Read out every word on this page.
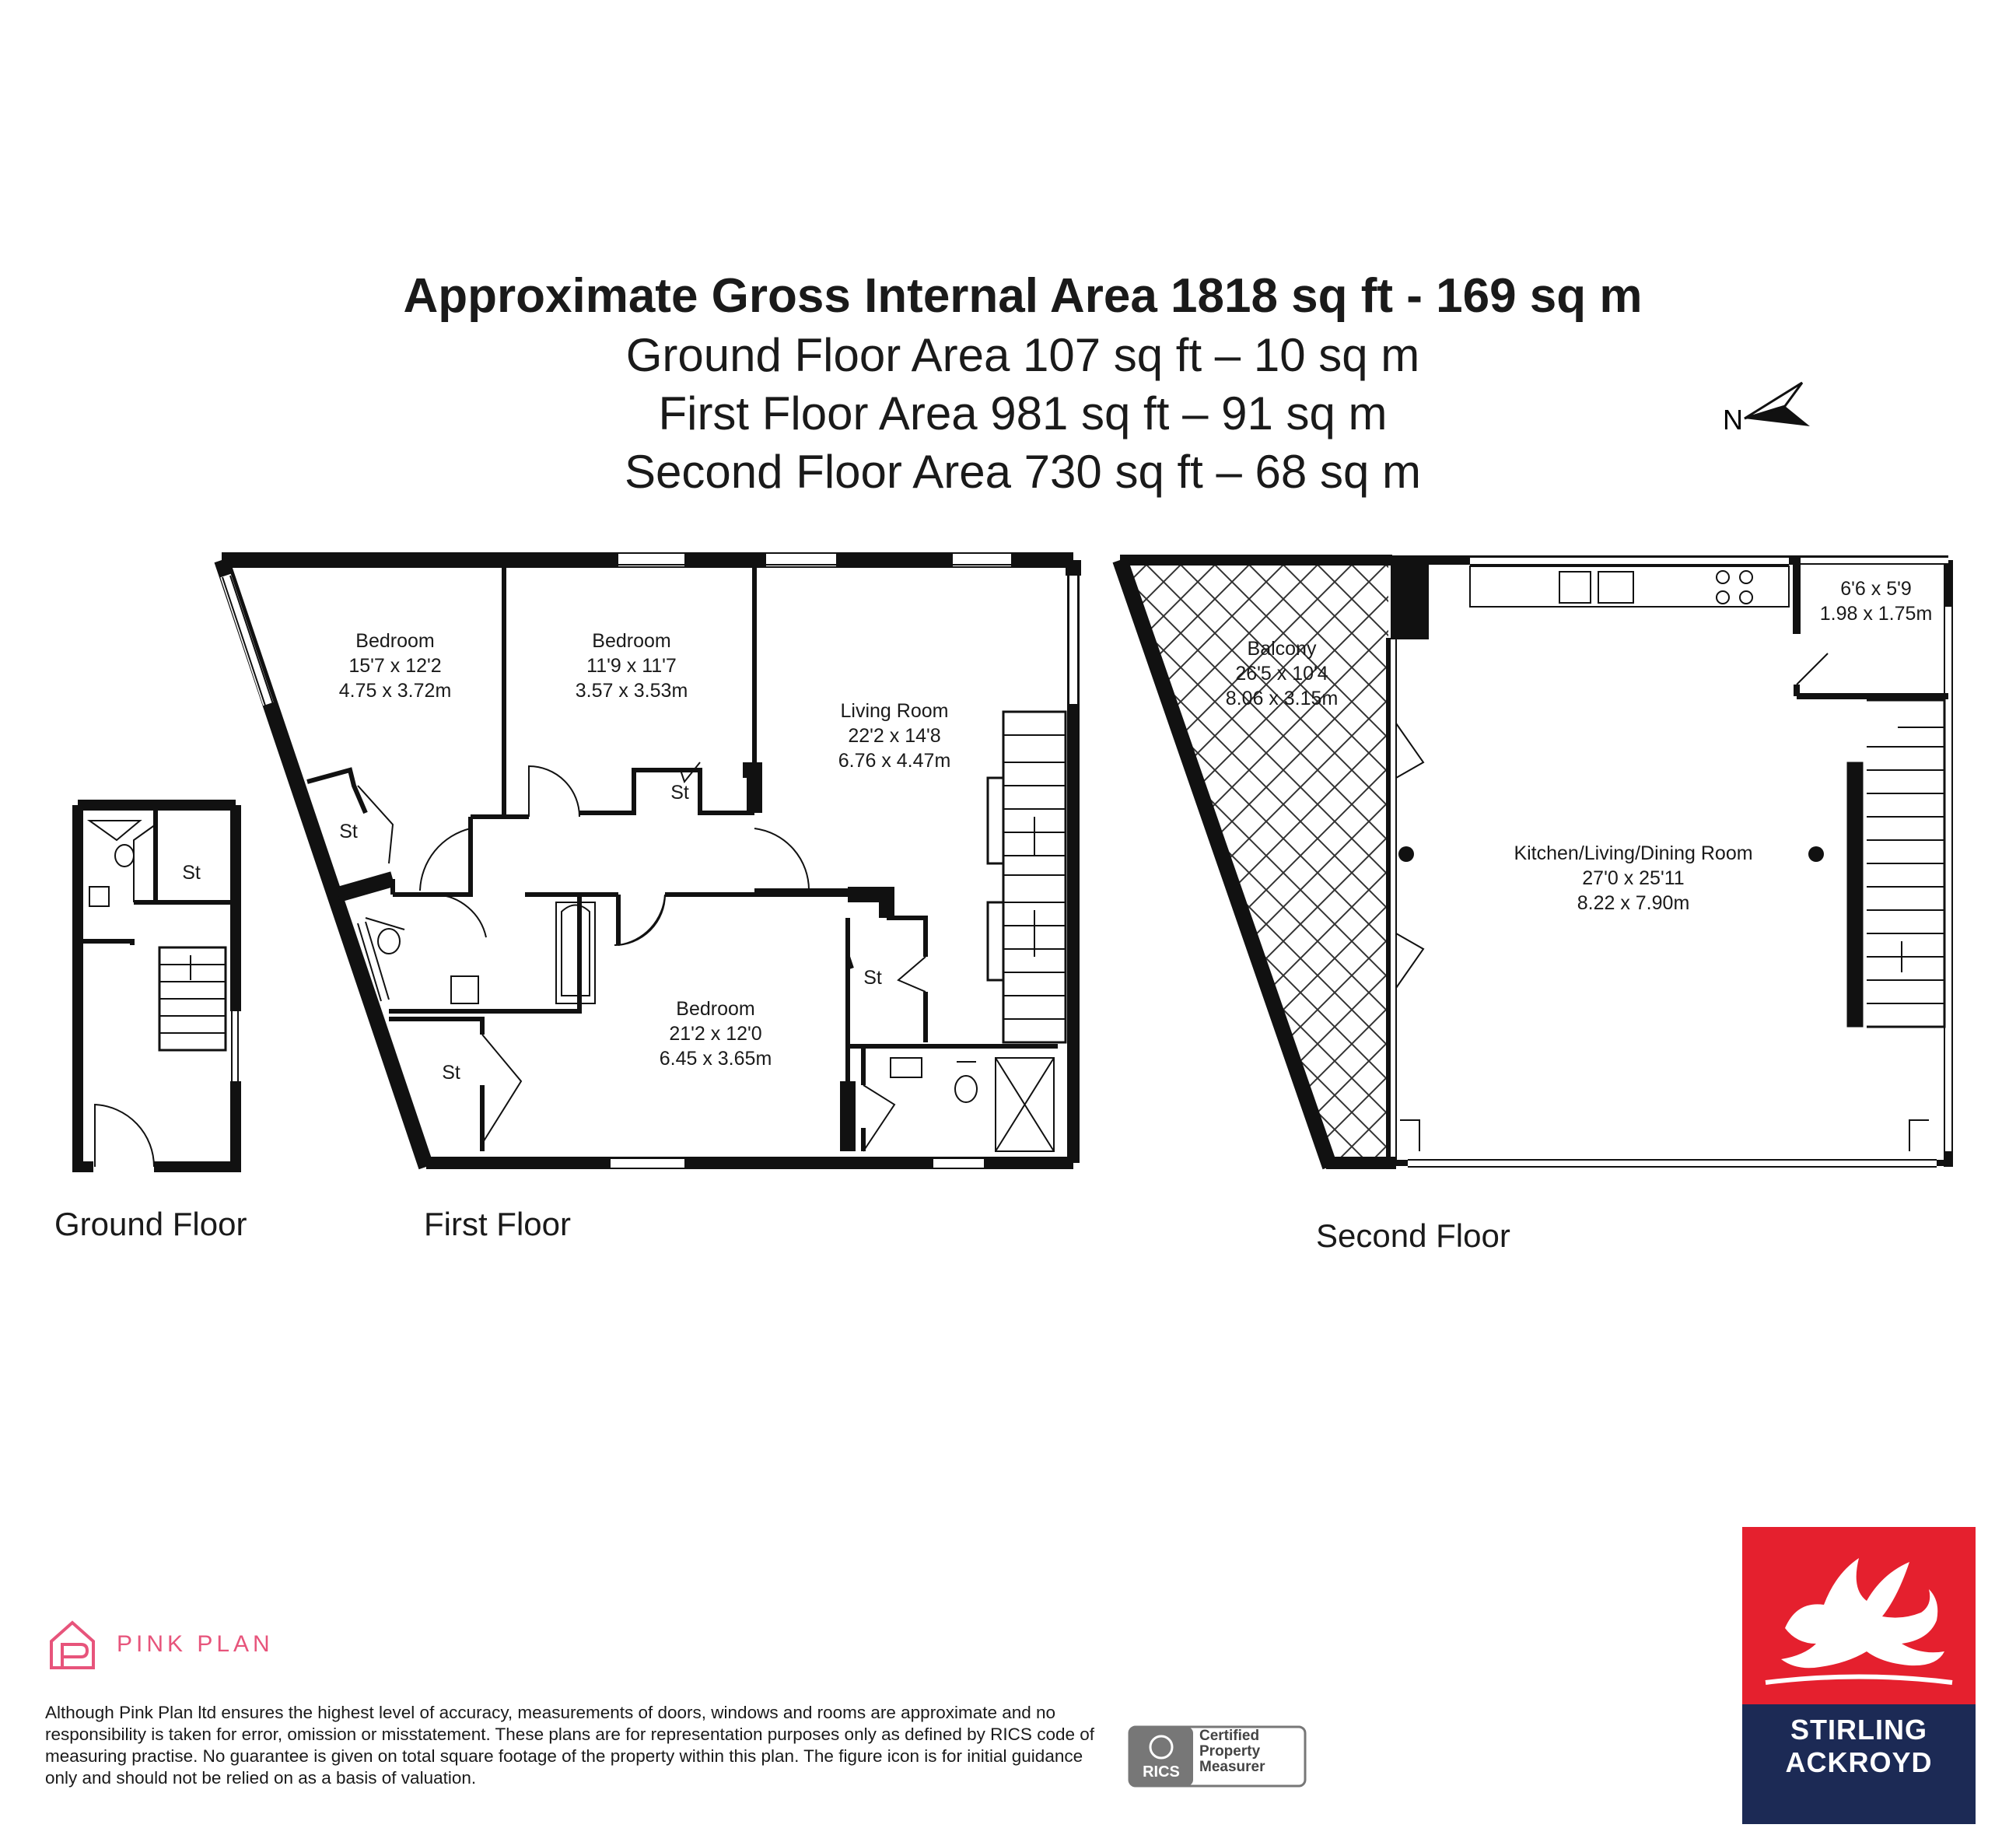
Approximate Gross Internal Area 1818 sq ft - 169 sq m
Ground Floor Area 107 sq ft – 10 sq m
First Floor Area 981 sq ft – 91 sq m
Second Floor Area 730 sq ft – 68 sq m
N
St
St
St
St
St
Bedroom
15'7 x 12'2
4.75 x 3.72m
Bedroom
11'9 x 11'7
3.57 x 3.53m
Living Room
22'2 x 14'8
6.76 x 4.47m
Bedroom
21'2 x 12'0
6.45 x 3.65m
Balcony
26'5 x 10'4
8.06 x 3.15m
Kitchen/Living/Dining Room
27'0 x 25'11
8.22 x 7.90m
6'6 x 5'9
1.98 x 1.75m
Ground Floor	First Floor	Second Floor
PINK PLAN
Although Pink Plan ltd ensures the highest level of accuracy, measurements of doors, windows and rooms are approximate and no responsibility is taken for error, omission or misstatement. These plans are for representation purposes only as defined by RICS code of measuring practise. No guarantee is given on total square footage of the property within this plan. The figure icon is for initial guidance only and should not be relied on as a basis of valuation.	RICS
Certified
Property
Measurer
STIRLING
ACKROYD
